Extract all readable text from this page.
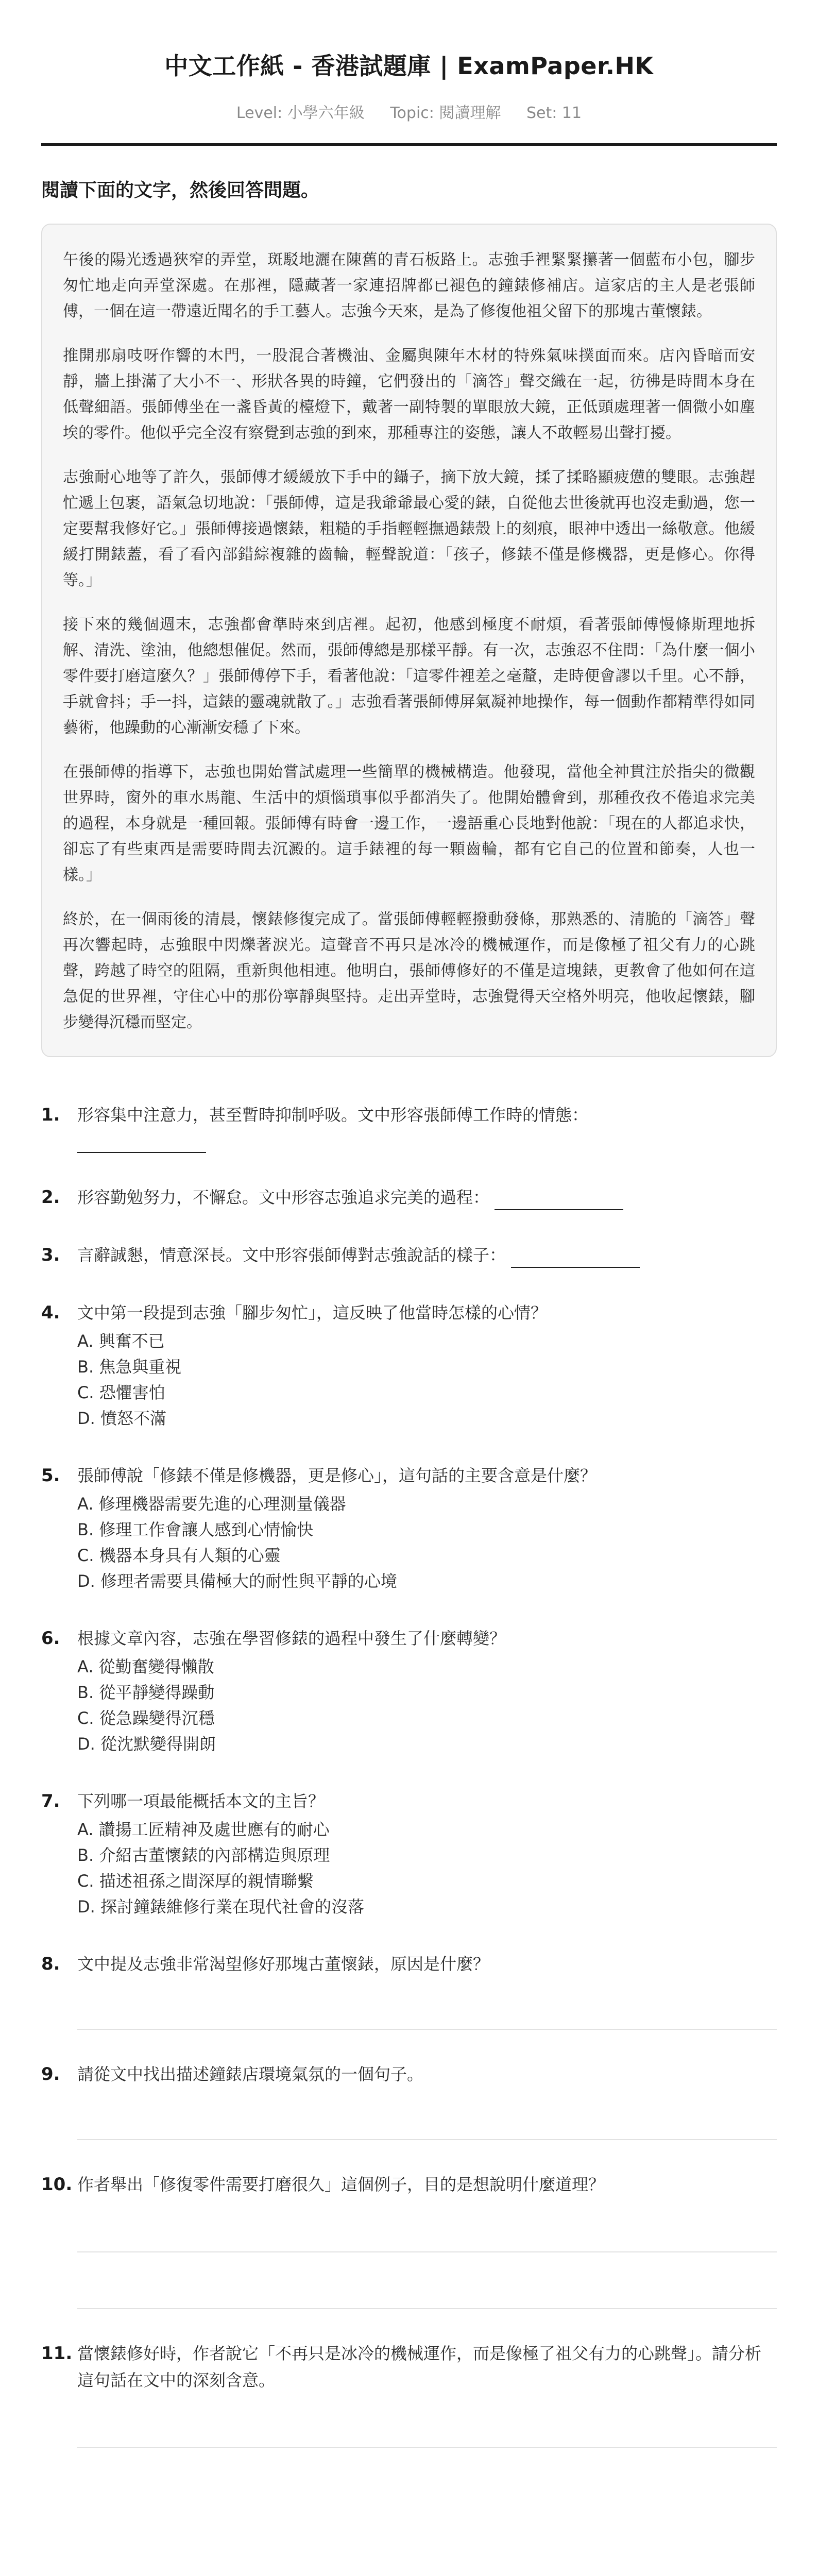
中文工作紙 - 香港試題庫 | ExamPaper.HK
Level: 小學六年級 Topic: 閱讀理解 Set: 11
閱讀下面的文字，然後回答問題。

午後的陽光透過狹窄的弄堂，斑駁地灑在陳舊的青石板路上。志強手裡緊緊攥著一個藍布小包，腳步匆忙地走向弄堂深處。在那裡，隱藏著一家連招牌都已褪色的鐘錶修補店。這家店的主人是老張師傅，一個在這一帶遠近聞名的手工藝人。志強今天來，是為了修復他祖父留下的那塊古董懷錶。

推開那扇吱呀作響的木門，一股混合著機油、金屬與陳年木材的特殊氣味撲面而來。店內昏暗而安靜，牆上掛滿了大小不一、形狀各異的時鐘，它們發出的「滴答」聲交織在一起，彷彿是時間本身在低聲細語。張師傅坐在一盞昏黃的檯燈下，戴著一副特製的單眼放大鏡，正低頭處理著一個微小如塵埃的零件。他似乎完全沒有察覺到志強的到來，那種專注的姿態，讓人不敢輕易出聲打擾。

志強耐心地等了許久，張師傅才緩緩放下手中的鑷子，摘下放大鏡，揉了揉略顯疲憊的雙眼。志強趕忙遞上包裹，語氣急切地說：「張師傅，這是我爺爺最心愛的錶，自從他去世後就再也沒走動過，您一定要幫我修好它。」張師傅接過懷錶，粗糙的手指輕輕撫過錶殼上的刻痕，眼神中透出一絲敬意。他緩緩打開錶蓋，看了看內部錯綜複雜的齒輪，輕聲說道：「孩子，修錶不僅是修機器，更是修心。你得等。」

接下來的幾個週末，志強都會準時來到店裡。起初，他感到極度不耐煩，看著張師傅慢條斯理地拆解、清洗、塗油，他總想催促。然而，張師傅總是那樣平靜。有一次，志強忍不住問：「為什麼一個小零件要打磨這麼久？」張師傅停下手，看著他說：「這零件裡差之毫釐，走時便會謬以千里。心不靜，手就會抖；手一抖，這錶的靈魂就散了。」志強看著張師傅屏氣凝神地操作，每一個動作都精準得如同藝術，他躁動的心漸漸安穩了下來。

在張師傅的指導下，志強也開始嘗試處理一些簡單的機械構造。他發現，當他全神貫注於指尖的微觀世界時，窗外的車水馬龍、生活中的煩惱瑣事似乎都消失了。他開始體會到，那種孜孜不倦追求完美的過程，本身就是一種回報。張師傅有時會一邊工作，一邊語重心長地對他說：「現在的人都追求快，卻忘了有些東西是需要時間去沉澱的。這手錶裡的每一顆齒輪，都有它自己的位置和節奏，人也一樣。」

終於，在一個雨後的清晨，懷錶修復完成了。當張師傅輕輕撥動發條，那熟悉的、清脆的「滴答」聲再次響起時，志強眼中閃爍著淚光。這聲音不再只是冰冷的機械運作，而是像極了祖父有力的心跳聲，跨越了時空的阻隔，重新與他相連。他明白，張師傅修好的不僅是這塊錶，更教會了他如何在這急促的世界裡，守住心中的那份寧靜與堅持。走出弄堂時，志強覺得天空格外明亮，他收起懷錶，腳步變得沉穩而堅定。

1.	形容集中注意力，甚至暫時抑制呼吸。文中形容張師傅工作時的情態：
2.	形容勤勉努力，不懈怠。文中形容志強追求完美的過程：
3.	言辭誠懇，情意深長。文中形容張師傅對志強說話的樣子：
4.	文中第一段提到志強「腳步匆忙」，這反映了他當時怎樣的心情？
A. 興奮不已
B. 焦急與重視
C. 恐懼害怕
D. 憤怒不滿
5.	張師傅說「修錶不僅是修機器，更是修心」，這句話的主要含意是什麼？
A. 修理機器需要先進的心理測量儀器
B. 修理工作會讓人感到心情愉快
C. 機器本身具有人類的心靈
D. 修理者需要具備極大的耐性與平靜的心境
6.	根據文章內容，志強在學習修錶的過程中發生了什麼轉變？
A. 從勤奮變得懶散
B. 從平靜變得躁動
C. 從急躁變得沉穩
D. 從沈默變得開朗
7.	下列哪一項最能概括本文的主旨？
A. 讚揚工匠精神及處世應有的耐心
B. 介紹古董懷錶的內部構造與原理
C. 描述祖孫之間深厚的親情聯繫
D. 探討鐘錶維修行業在現代社會的沒落
8.	文中提及志強非常渴望修好那塊古董懷錶，原因是什麼？
9.	請從文中找出描述鐘錶店環境氣氛的一個句子。
10. 作者舉出「修復零件需要打磨很久」這個例子，目的是想說明什麼道理？
11. 當懷錶修好時，作者說它「不再只是冰冷的機械運作，而是像極了祖父有力的心跳聲」。請分析這句話在文中的深刻含意。
